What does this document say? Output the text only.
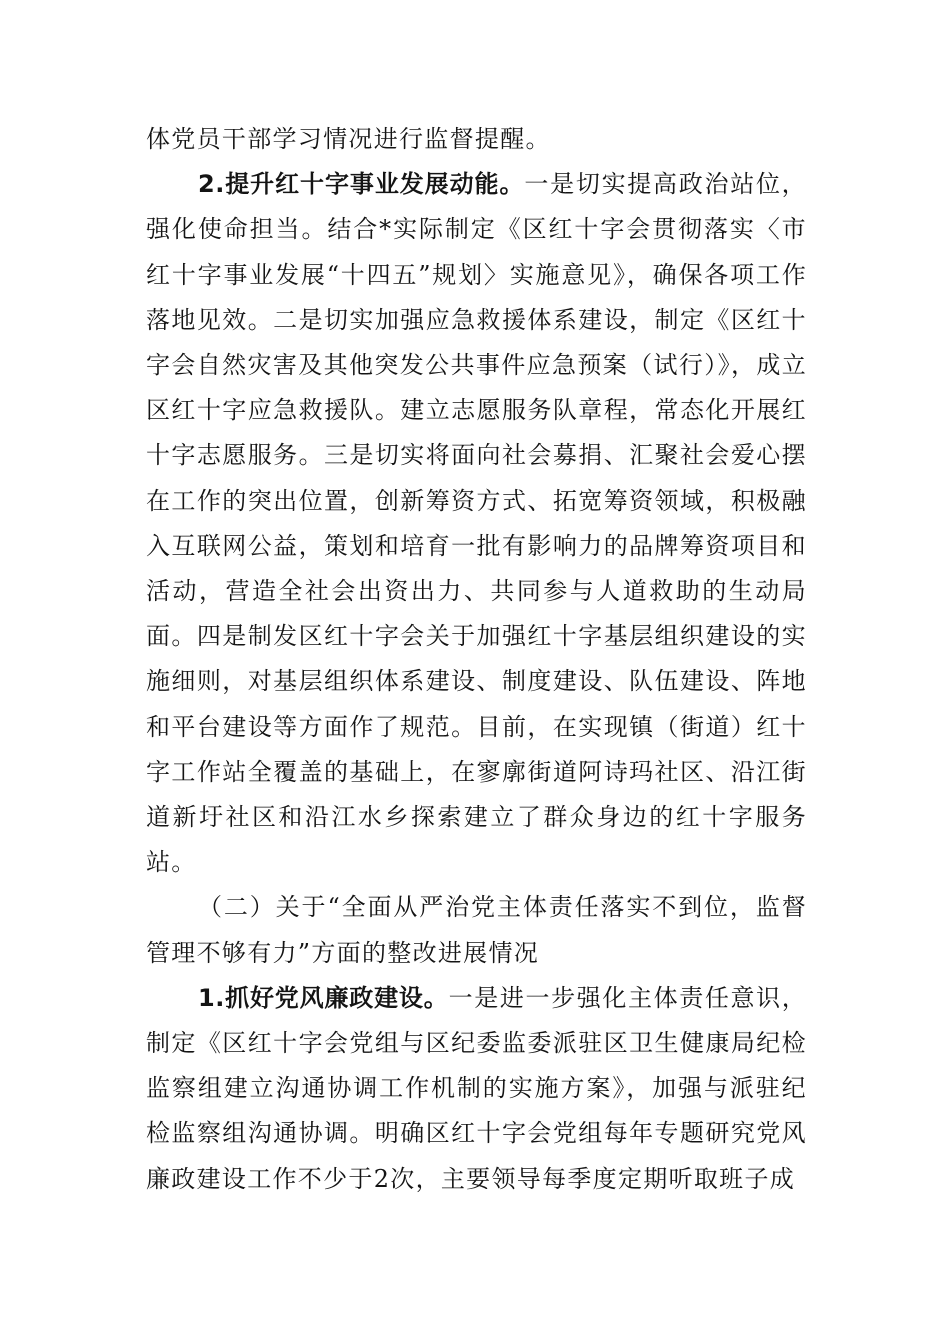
体党员干部学习情况进行监督提醒。

2.提升红十字事业发展动能。一是切实提高政治站位，强化使命担当。结合*实际制定《区红十字会贯彻落实〈市红十字事业发展“十四五”规划〉实施意见》，确保各项工作落地见效。二是切实加强应急救援体系建设，制定《区红十字会自然灾害及其他突发公共事件应急预案（试行）》，成立区红十字应急救援队。建立志愿服务队章程，常态化开展红十字志愿服务。三是切实将面向社会募捐、汇聚社会爱心摆在工作的突出位置，创新筹资方式、拓宽筹资领域，积极融入互联网公益，策划和培育一批有影响力的品牌筹资项目和活动，营造全社会出资出力、共同参与人道救助的生动局面。四是制发区红十字会关于加强红十字基层组织建设的实施细则，对基层组织体系建设、制度建设、队伍建设、阵地和平台建设等方面作了规范。目前，在实现镇（街道）红十字工作站全覆盖的基础上，在寥廓街道阿诗玛社区、沿江街道新圩社区和沿江水乡探索建立了群众身边的红十字服务站。

（二）关于“全面从严治党主体责任落实不到位，监督管理不够有力”方面的整改进展情况

1.抓好党风廉政建设。一是进一步强化主体责任意识，制定《区红十字会党组与区纪委监委派驻区卫生健康局纪检监察组建立沟通协调工作机制的实施方案》，加强与派驻纪检监察组沟通协调。明确区红十字会党组每年专题研究党风廉政建设工作不少于2次，主要领导每季度定期听取班子成
